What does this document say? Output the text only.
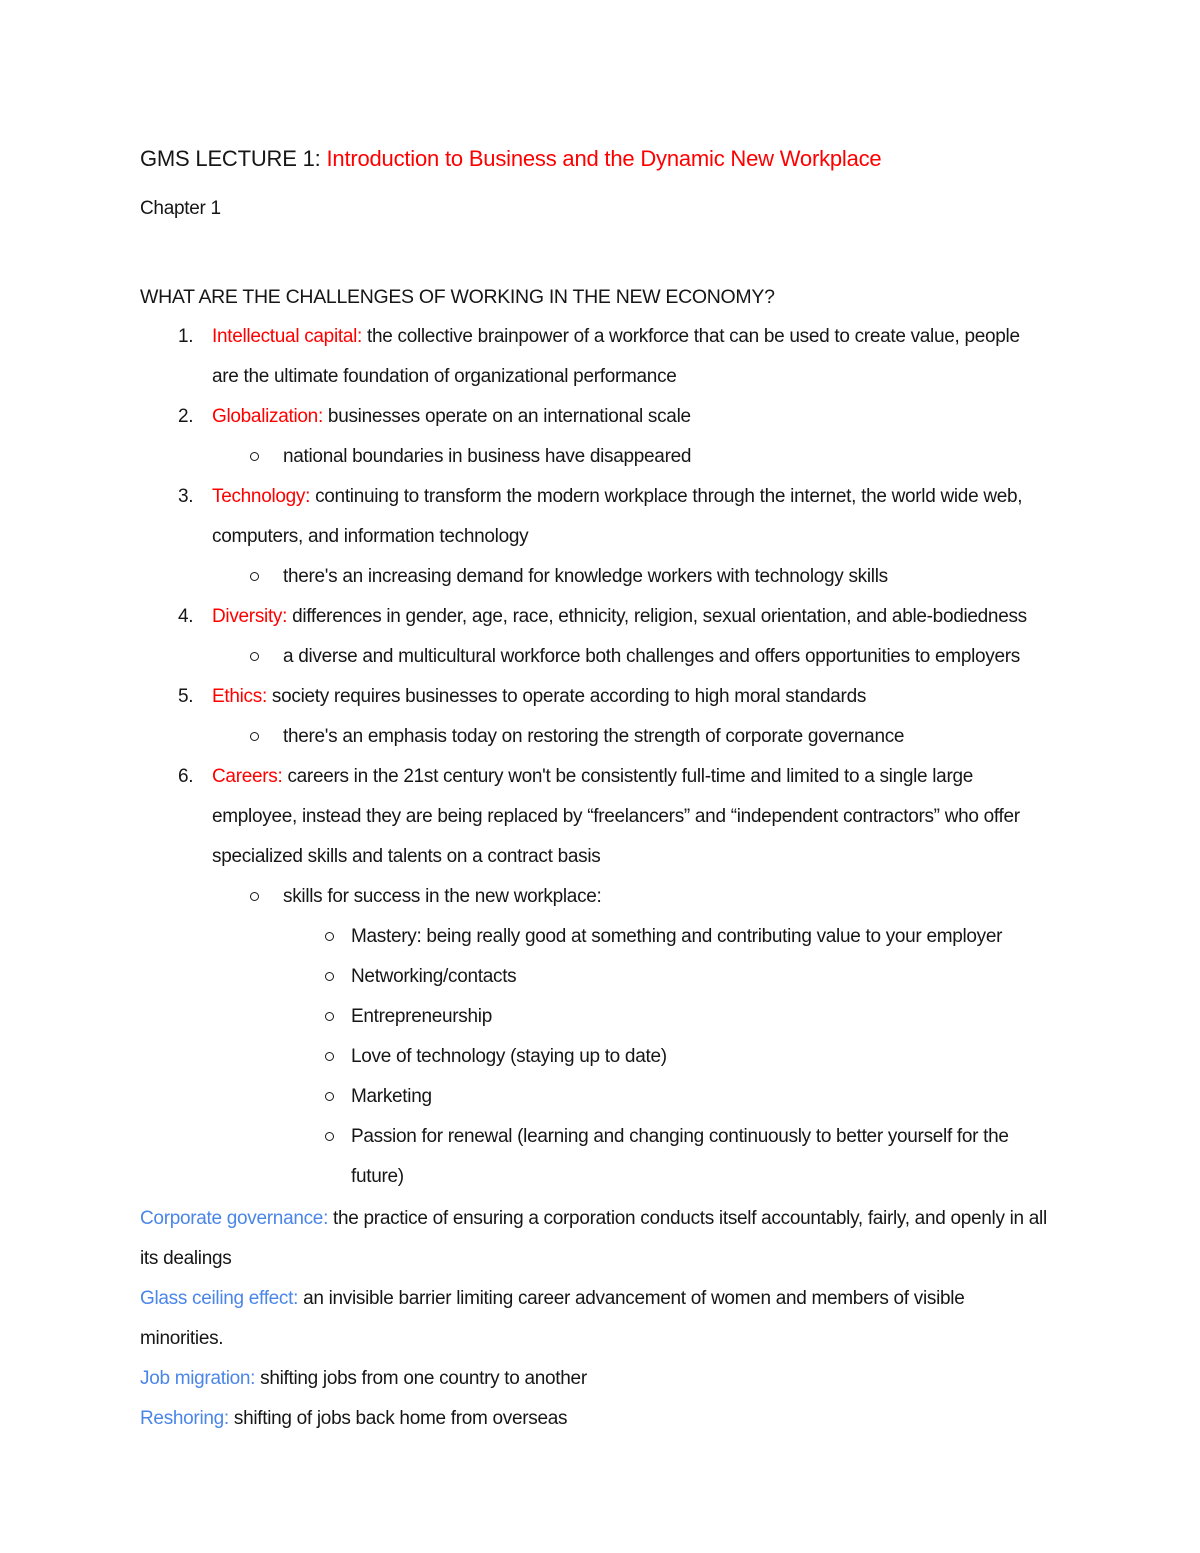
GMS LECTURE 1: Introduction to Business and the Dynamic New Workplace

Chapter 1

WHAT ARE THE CHALLENGES OF WORKING IN THE NEW ECONOMY?
1. Intellectual capital: the collective brainpower of a workforce that can be used to create value, people are the ultimate foundation of organizational performance

2. Globalization: businesses operate on an international scale

national boundaries in business have disappeared

3. Technology: continuing to transform the modern workplace through the internet, the world wide web, computers, and information technology

there's an increasing demand for knowledge workers with technology skills

4. Diversity: differences in gender, age, race, ethnicity, religion, sexual orientation, and able-bodiedness

a diverse and multicultural workforce both challenges and offers opportunities to employers

5. Ethics: society requires businesses to operate according to high moral standards

there's an emphasis today on restoring the strength of corporate governance

6. Careers: careers in the 21st century won't be consistently full-time and limited to a single large employee, instead they are being replaced by “freelancers” and “independent contractors” who offer specialized skills and talents on a contract basis

skills for success in the new workplace:

Mastery: being really good at something and contributing value to your employer

Networking/contacts

Entrepreneurship

Love of technology (staying up to date)

Marketing

Passion for renewal (learning and changing continuously to better yourself for the future)

Corporate governance: the practice of ensuring a corporation conducts itself accountably, fairly, and openly in all its dealings

Glass ceiling effect: an invisible barrier limiting career advancement of women and members of visible minorities.

Job migration: shifting jobs from one country to another

Reshoring: shifting of jobs back home from overseas
